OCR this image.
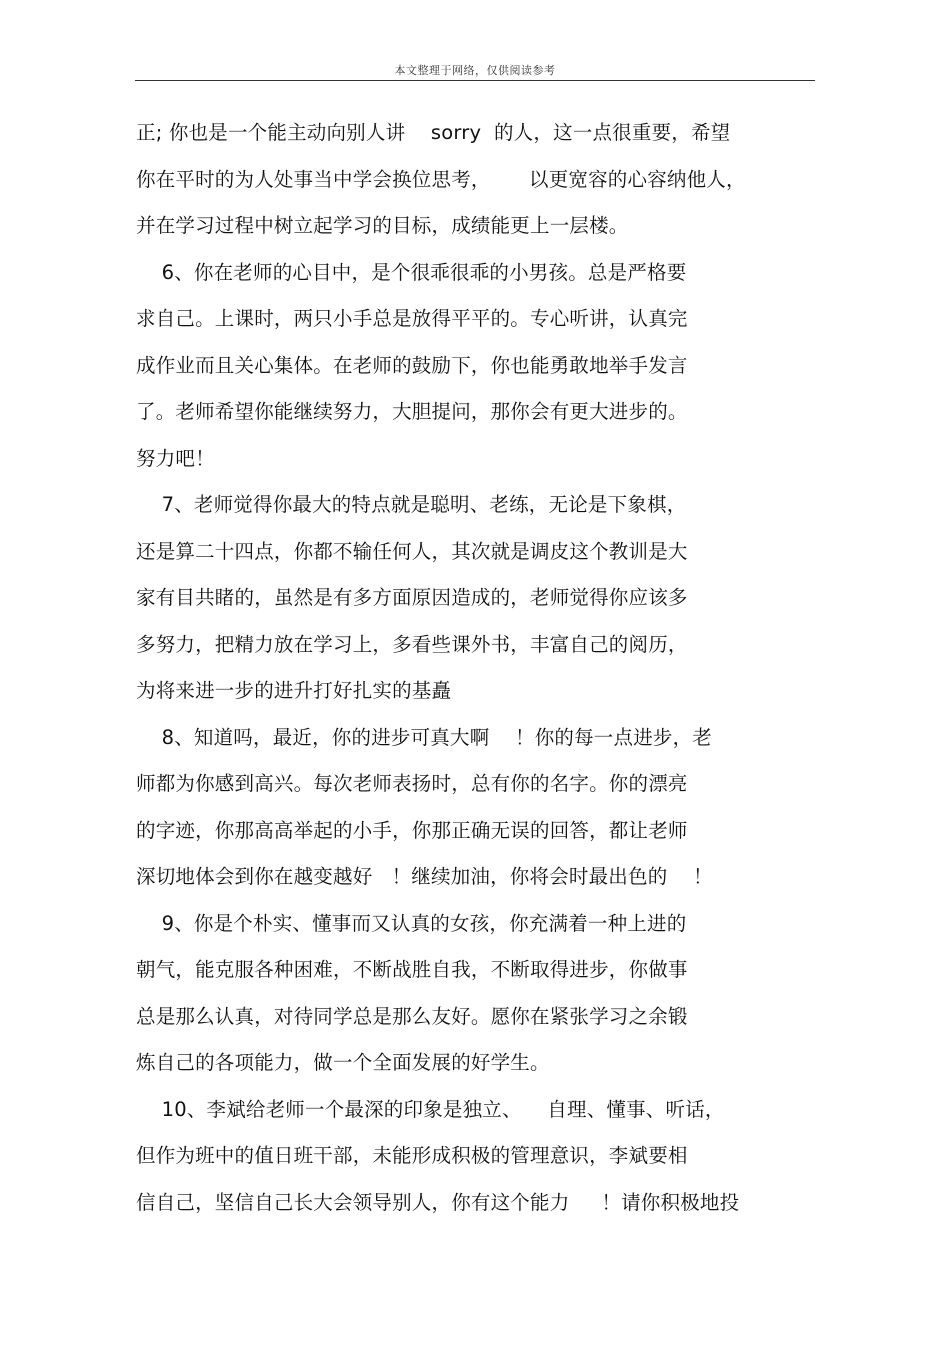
本文整理于网络，仅供阅读参考
正; 你也是一个能主动向别人讲    sorry  的人，这一点很重要，希望
你在平时的为人处事当中学会换位思考，      以更宽容的心容纳他人，
并在学习过程中树立起学习的目标，成绩能更上一层楼。
6、你在老师的心目中，是个很乖很乖的小男孩。总是严格要
求自己。上课时，两只小手总是放得平平的。专心听讲，认真完
成作业而且关心集体。在老师的鼓励下，你也能勇敢地举手发言
了。老师希望你能继续努力，大胆提问，那你会有更大进步的。
努力吧！
7、老师觉得你最大的特点就是聪明、老练，无论是下象棋，
还是算二十四点，你都不输任何人，其次就是调皮这个教训是大
家有目共睹的，虽然是有多方面原因造成的，老师觉得你应该多
多努力，把精力放在学习上，多看些课外书，丰富自己的阅历，
为将来进一步的进升打好扎实的基矗
8、知道吗，最近，你的进步可真大啊    ！你的每一点进步，老
师都为你感到高兴。每次老师表扬时，总有你的名字。你的漂亮
的字迹，你那高高举起的小手，你那正确无误的回答，都让老师
深切地体会到你在越变越好   ！继续加油，你将会时最出色的    ！
9、你是个朴实、懂事而又认真的女孩，你充满着一种上进的
朝气，能克服各种困难，不断战胜自我，不断取得进步，你做事
总是那么认真，对待同学总是那么友好。愿你在紧张学习之余锻
炼自己的各项能力，做一个全面发展的好学生。
10、李斌给老师一个最深的印象是独立、    自理、懂事、听话，
但作为班中的值日班干部，未能形成积极的管理意识，李斌要相
信自己，坚信自己长大会领导别人，你有这个能力     ！请你积极地投
